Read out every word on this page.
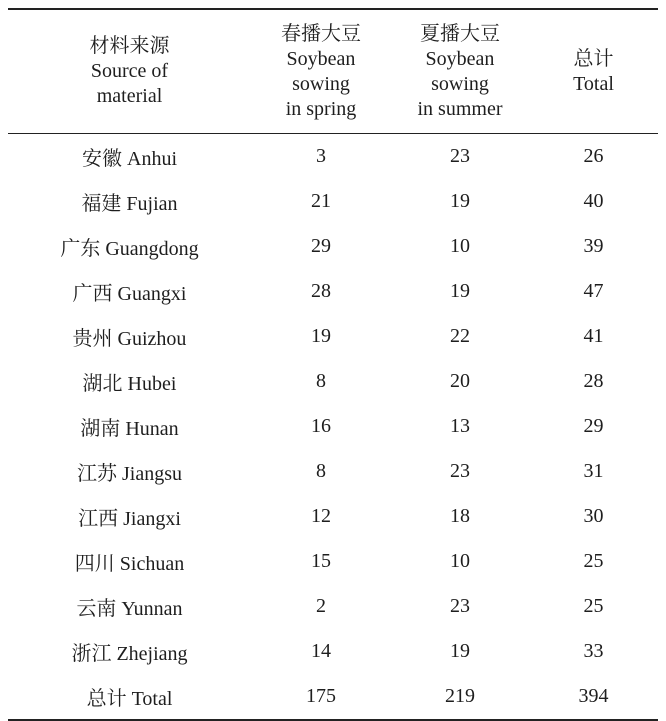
材料来源
Source of
material	春播大豆
Soybean
sowing
in spring	夏播大豆
Soybean
sowing
in summer	总计
Total

安徽 Anhui	3	23	26
福建 Fujian	21	19	40
广东 Guangdong	29	10	39
广西 Guangxi	28	19	47
贵州 Guizhou	19	22	41
湖北 Hubei	8	20	28
湖南 Hunan	16	13	29
江苏 Jiangsu	8	23	31
江西 Jiangxi	12	18	30
四川 Sichuan	15	10	25
云南 Yunnan	2	23	25
浙江 Zhejiang	14	19	33
总计 Total	175	219	394
